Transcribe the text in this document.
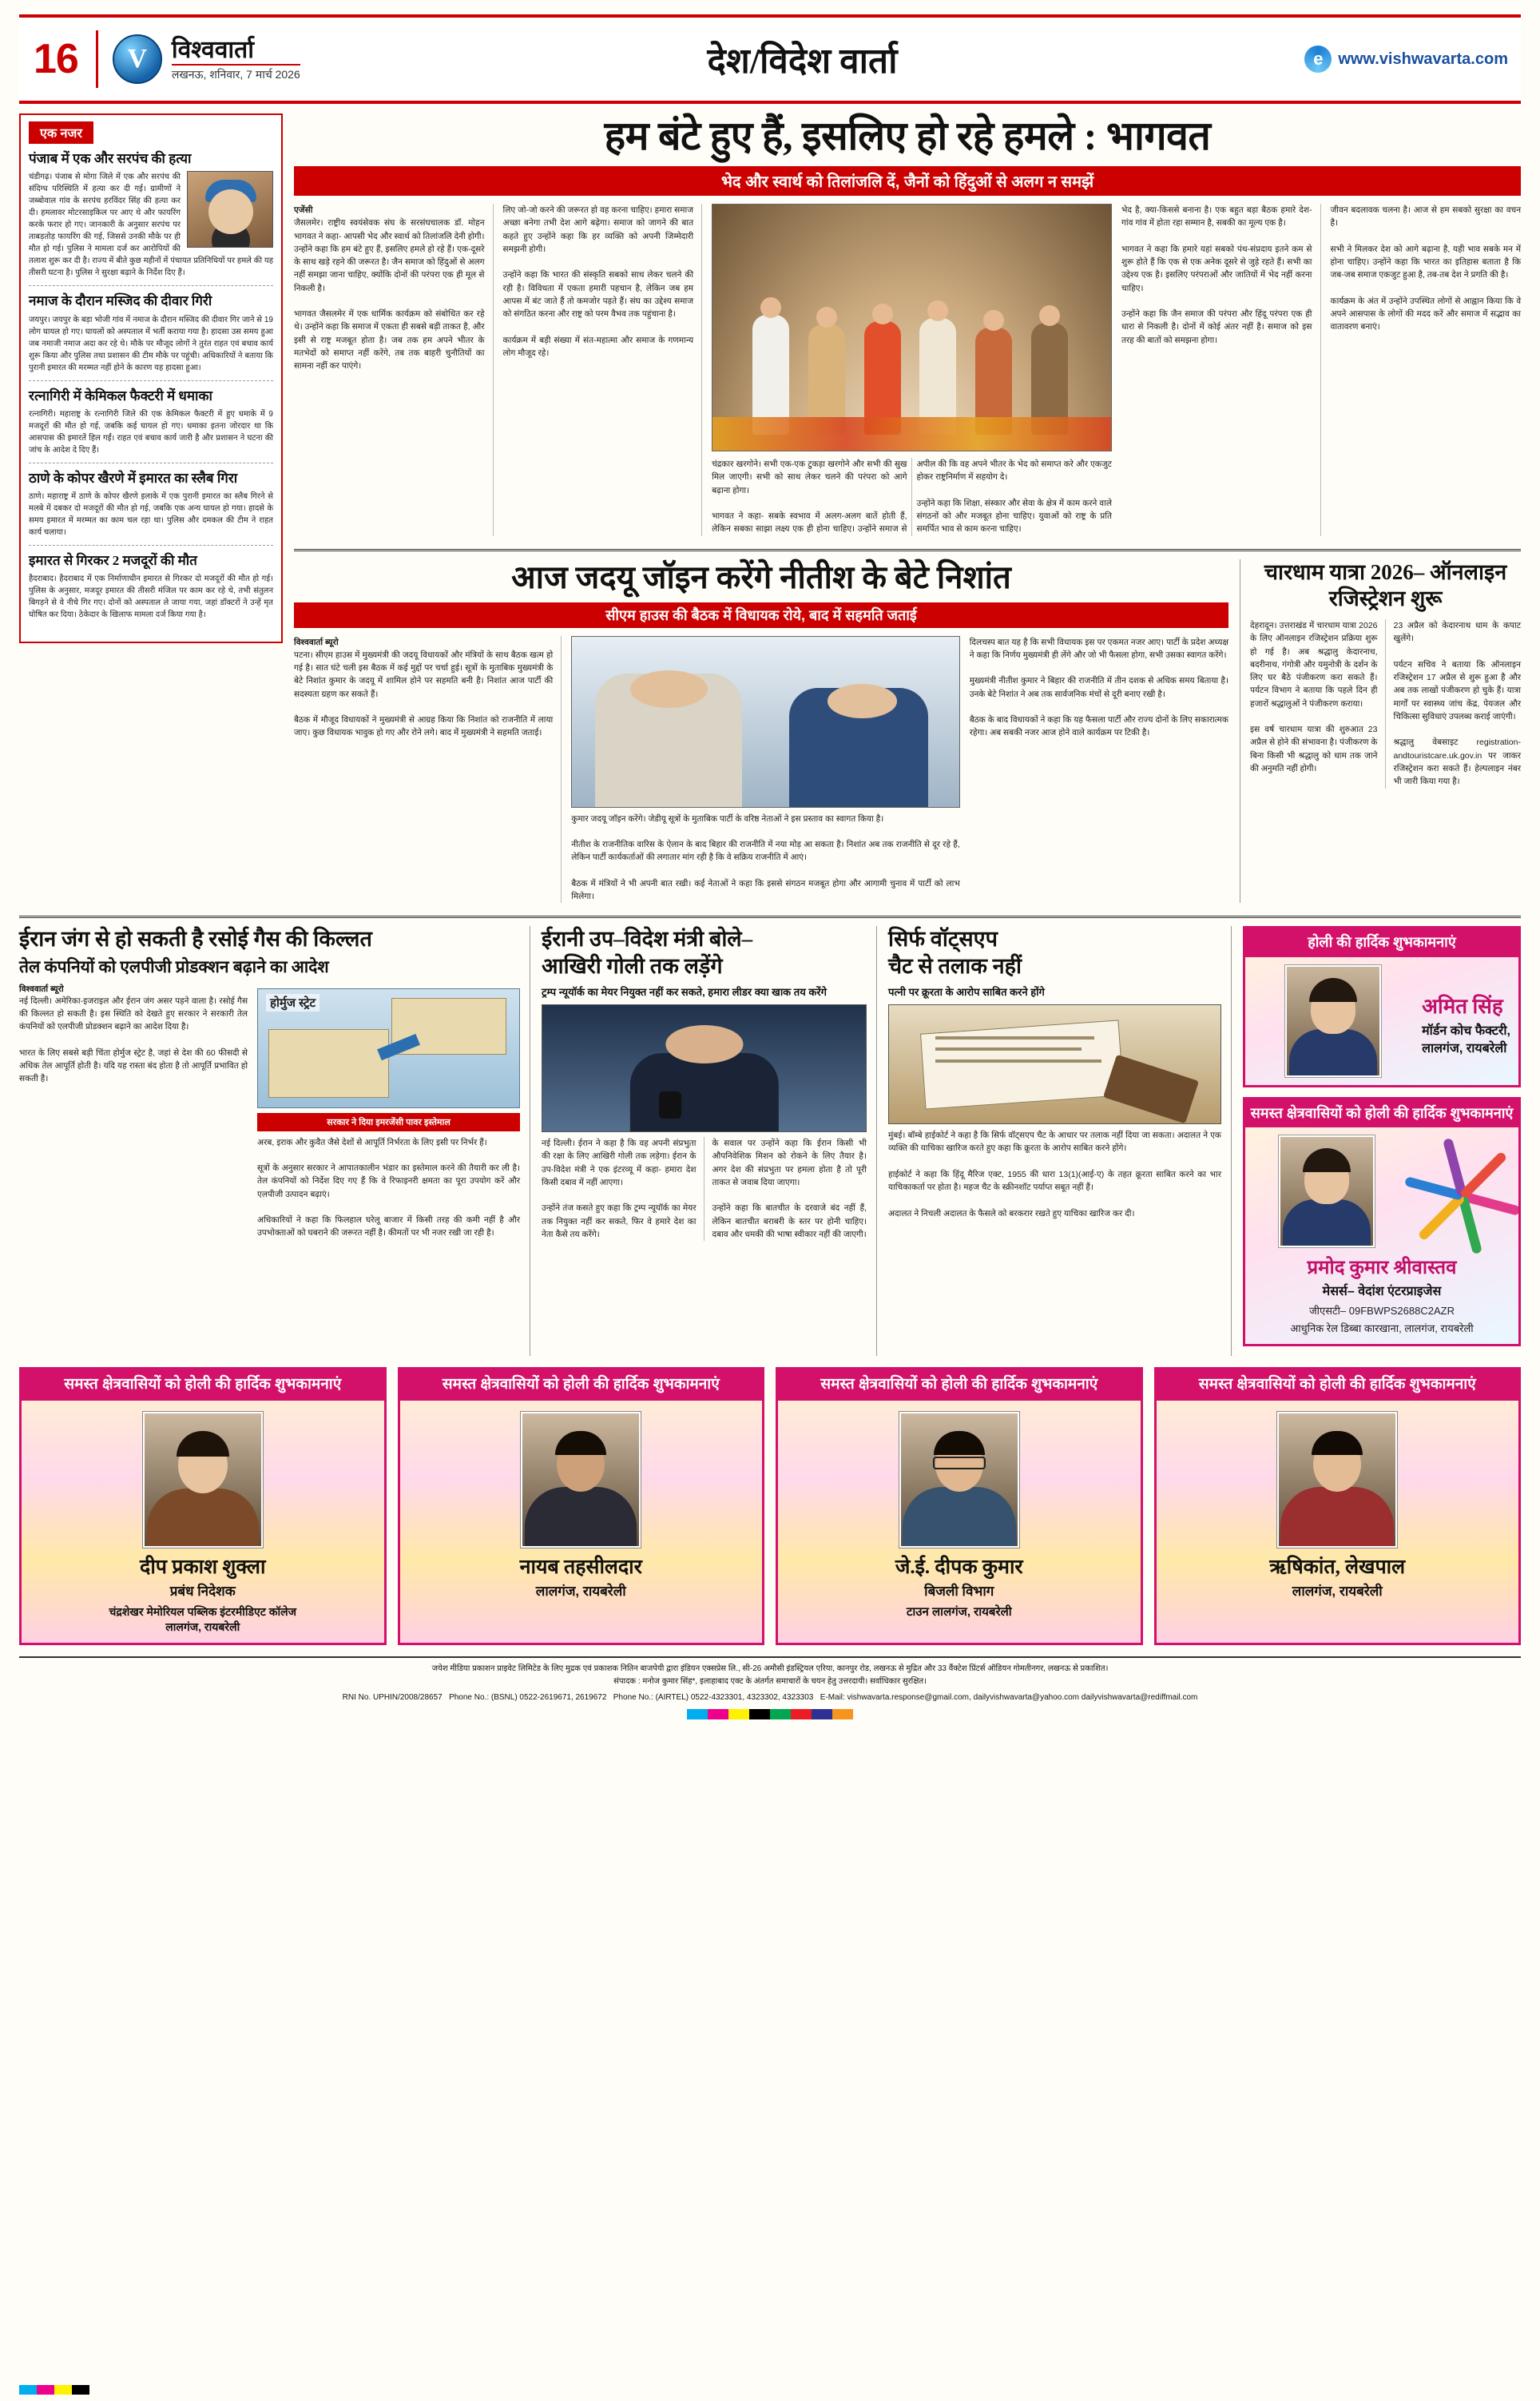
16 V	विश्ववार्ता
लखनऊ, शनिवार, 7 मार्च 2026	देश/विदेश वार्ता e	www.vishwavarta.com
एक नजर
पंजाब में एक और सरपंच की हत्या
चंडीगढ़। पंजाब से मोगा जिले में एक और सरपंच की संदिग्ध परिस्थिति में हत्या कर दी गई। ग्रामीणों ने जब्बोवाल गांव के सरपंच हरविंदर सिंह की हत्या कर दी। हमलावर मोटरसाइकिल पर आए थे और फायरिंग करके फरार हो गए। जानकारी के अनुसार सरपंच पर ताबड़तोड़ फायरिंग की गई, जिससे उनकी मौके पर ही मौत हो गई। पुलिस ने मामला दर्ज कर आरोपियों की तलाश शुरू कर दी है। राज्य में बीते कुछ महीनों में पंचायत प्रतिनिधियों पर हमले की यह तीसरी घटना है। पुलिस ने सुरक्षा बढ़ाने के निर्देश दिए हैं।
नमाज के दौरान मस्जिद की दीवार गिरी
जयपुर। जयपुर के बड़ा भोजी गांव में नमाज के दौरान मस्जिद की दीवार गिर जाने से 19 लोग घायल हो गए। घायलों को अस्पताल में भर्ती कराया गया है। हादसा उस समय हुआ जब नमाजी नमाज अदा कर रहे थे। मौके पर मौजूद लोगों ने तुरंत राहत एवं बचाव कार्य शुरू किया और पुलिस तथा प्रशासन की टीम मौके पर पहुंची। अधिकारियों ने बताया कि पुरानी इमारत की मरम्मत नहीं होने के कारण यह हादसा हुआ।
रत्नागिरी में केमिकल फैक्टरी में धमाका
रत्नागिरी। महाराष्ट्र के रत्नागिरी जिले की एक केमिकल फैक्टरी में हुए धमाके में 9 मजदूरों की मौत हो गई, जबकि कई घायल हो गए। धमाका इतना जोरदार था कि आसपास की इमारतें हिल गईं। राहत एवं बचाव कार्य जारी है और प्रशासन ने घटना की जांच के आदेश दे दिए हैं।
ठाणे के कोपर खैरणे में इमारत का स्लैब गिरा
ठाणे। महाराष्ट्र में ठाणे के कोपर खैरणे इलाके में एक पुरानी इमारत का स्लैब गिरने से मलबे में दबकर दो मजदूरों की मौत हो गई, जबकि एक अन्य घायल हो गया। हादसे के समय इमारत में मरम्मत का काम चल रहा था। पुलिस और दमकल की टीम ने राहत कार्य चलाया।
इमारत से गिरकर 2 मजदूरों की मौत
हैदराबाद। हैदराबाद में एक निर्माणाधीन इमारत से गिरकर दो मजदूरों की मौत हो गई। पुलिस के अनुसार, मजदूर इमारत की तीसरी मंजिल पर काम कर रहे थे, तभी संतुलन बिगड़ने से वे नीचे गिर गए। दोनों को अस्पताल ले जाया गया, जहां डॉक्टरों ने उन्हें मृत घोषित कर दिया। ठेकेदार के खिलाफ मामला दर्ज किया गया है।
हम बंटे हुए हैं, इसलिए हो रहे हमले : भागवत
भेद और स्वार्थ को तिलांजलि दें, जैनों को हिंदुओं से अलग न समझें
एजेंसी
जैसलमेर। राष्ट्रीय स्वयंसेवक संघ के सरसंघचालक डॉ. मोहन भागवत ने कहा- आपसी भेद और स्वार्थ को तिलांजलि देनी होगी। उन्होंने कहा कि हम बंटे हुए हैं, इसलिए हमले हो रहे हैं। एक-दूसरे के साथ खड़े रहने की जरूरत है। जैन समाज को हिंदुओं से अलग नहीं समझा जाना चाहिए, क्योंकि दोनों की परंपरा एक ही मूल से निकली है।

भागवत जैसलमेर में एक धार्मिक कार्यक्रम को संबोधित कर रहे थे। उन्होंने कहा कि समाज में एकता ही सबसे बड़ी ताकत है, और इसी से राष्ट्र मजबूत होता है। जब तक हम अपने भीतर के मतभेदों को समाप्त नहीं करेंगे, तब तक बाहरी चुनौतियों का सामना नहीं कर पाएंगे।
लिए जो-जो करने की जरूरत हो वह करना चाहिए। हमारा समाज अच्छा बनेगा तभी देश आगे बढ़ेगा। समाज को जागने की बात कहते हुए उन्होंने कहा कि हर व्यक्ति को अपनी जिम्मेदारी समझनी होगी।

उन्होंने कहा कि भारत की संस्कृति सबको साथ लेकर चलने की रही है। विविधता में एकता हमारी पहचान है, लेकिन जब हम आपस में बंट जाते हैं तो कमजोर पड़ते हैं। संघ का उद्देश्य समाज को संगठित करना और राष्ट्र को परम वैभव तक पहुंचाना है।

कार्यक्रम में बड़ी संख्या में संत-महात्मा और समाज के गणमान्य लोग मौजूद रहे।
चंद्रकार खरगोने। सभी एक-एक टुकड़ा खरगोने और सभी की सुख मिल जाएगी। सभी को साथ लेकर चलने की परंपरा को आगे बढ़ाना होगा।

भागवत ने कहा- सबके स्वभाव में अलग-अलग बातें होती हैं, लेकिन सबका साझा लक्ष्य एक ही होना चाहिए। उन्होंने समाज से अपील की कि वह अपने भीतर के भेद को समाप्त करे और एकजुट होकर राष्ट्रनिर्माण में सहयोग दे।

उन्होंने कहा कि शिक्षा, संस्कार और सेवा के क्षेत्र में काम करने वाले संगठनों को और मजबूत होना चाहिए। युवाओं को राष्ट्र के प्रति समर्पित भाव से काम करना चाहिए।
भेद है, क्या-किससे बनाना है। एक बहुत बड़ा बैठक हमारे देश-गांव गांव में होता रहा सम्मान है, सबकी का मूल्य एक है।

भागवत ने कहा कि हमारे यहां सबको पंथ-संप्रदाय इतने कम से शुरू होते हैं कि एक से एक अनेक दूसरे से जुड़े रहते हैं। सभी का उद्देश्य एक है। इसलिए परंपराओं और जातियों में भेद नहीं करना चाहिए।

उन्होंने कहा कि जैन समाज की परंपरा और हिंदू परंपरा एक ही धारा से निकली है। दोनों में कोई अंतर नहीं है। समाज को इस तरह की बातों को समझना होगा।
जीवन बदलावक चलना है। आज से हम सबको सुरक्षा का वचन है।

सभी ने मिलकर देश को आगे बढ़ाना है, यही भाव सबके मन में होना चाहिए। उन्होंने कहा कि भारत का इतिहास बताता है कि जब-जब समाज एकजुट हुआ है, तब-तब देश ने प्रगति की है।

कार्यक्रम के अंत में उन्होंने उपस्थित लोगों से आह्वान किया कि वे अपने आसपास के लोगों की मदद करें और समाज में सद्भाव का वातावरण बनाएं।
आज जदयू जॉइन करेंगे नीतीश के बेटे निशांत
सीएम हाउस की बैठक में विधायक रोये, बाद में सहमति जताई
विश्ववार्ता ब्यूरो
पटना। सीएम हाउस में मुख्यमंत्री की जदयू विधायकों और मंत्रियों के साथ बैठक खत्म हो गई है। सात घंटे चली इस बैठक में कई मुद्दों पर चर्चा हुई। सूत्रों के मुताबिक मुख्यमंत्री के बेटे निशांत कुमार के जदयू में शामिल होने पर सहमति बनी है। निशांत आज पार्टी की सदस्यता ग्रहण कर सकते हैं।

बैठक में मौजूद विधायकों ने मुख्यमंत्री से आग्रह किया कि निशांत को राजनीति में लाया जाए। कुछ विधायक भावुक हो गए और रोने लगे। बाद में मुख्यमंत्री ने सहमति जताई।
कुमार जदयू जॉइन करेंगे। जेडीयू सूत्रों के मुताबिक पार्टी के वरिष्ठ नेताओं ने इस प्रस्ताव का स्वागत किया है।

नीतीश के राजनीतिक वारिस के ऐलान के बाद बिहार की राजनीति में नया मोड़ आ सकता है। निशांत अब तक राजनीति से दूर रहे हैं, लेकिन पार्टी कार्यकर्ताओं की लगातार मांग रही है कि वे सक्रिय राजनीति में आएं।

बैठक में मंत्रियों ने भी अपनी बात रखी। कई नेताओं ने कहा कि इससे संगठन मजबूत होगा और आगामी चुनाव में पार्टी को लाभ मिलेगा।
दिलचस्प बात यह है कि सभी विधायक इस पर एकमत नजर आए। पार्टी के प्रदेश अध्यक्ष ने कहा कि निर्णय मुख्यमंत्री ही लेंगे और जो भी फैसला होगा, सभी उसका स्वागत करेंगे।

मुख्यमंत्री नीतीश कुमार ने बिहार की राजनीति में तीन दशक से अधिक समय बिताया है। उनके बेटे निशांत ने अब तक सार्वजनिक मंचों से दूरी बनाए रखी है।

बैठक के बाद विधायकों ने कहा कि यह फैसला पार्टी और राज्य दोनों के लिए सकारात्मक रहेगा। अब सबकी नजर आज होने वाले कार्यक्रम पर टिकी है।
चारधाम यात्रा 2026– ऑनलाइन रजिस्ट्रेशन शुरू
देहरादून। उत्तराखंड में चारधाम यात्रा 2026 के लिए ऑनलाइन रजिस्ट्रेशन प्रक्रिया शुरू हो गई है। अब श्रद्धालु केदारनाथ, बदरीनाथ, गंगोत्री और यमुनोत्री के दर्शन के लिए घर बैठे पंजीकरण करा सकते हैं। पर्यटन विभाग ने बताया कि पहले दिन ही हजारों श्रद्धालुओं ने पंजीकरण कराया।

इस वर्ष चारधाम यात्रा की शुरुआत 23 अप्रैल से होने की संभावना है। पंजीकरण के बिना किसी भी श्रद्धालु को धाम तक जाने की अनुमति नहीं होगी।
23 अप्रैल को केदारनाथ धाम के कपाट खुलेंगे।

पर्यटन सचिव ने बताया कि ऑनलाइन रजिस्ट्रेशन 17 अप्रैल से शुरू हुआ है और अब तक लाखों पंजीकरण हो चुके हैं। यात्रा मार्गों पर स्वास्थ्य जांच केंद्र, पेयजल और चिकित्सा सुविधाएं उपलब्ध कराई जाएंगी।

श्रद्धालु वेबसाइट registration-andtouristcare.uk.gov.in पर जाकर रजिस्ट्रेशन करा सकते हैं। हेल्पलाइन नंबर भी जारी किया गया है।
ईरान जंग से हो सकती है रसोई गैस की किल्लत
तेल कंपनियों को एलपीजी प्रोडक्शन बढ़ाने का आदेश
विश्ववार्ता ब्यूरो
नई दिल्ली। अमेरिका-इजराइल और ईरान जंग असर पड़ने वाला है। रसोई गैस की किल्लत हो सकती है। इस स्थिति को देखते हुए सरकार ने सरकारी तेल कंपनियों को एलपीजी प्रोडक्शन बढ़ाने का आदेश दिया है।

भारत के लिए सबसे बड़ी चिंता होर्मुज स्ट्रेट है, जहां से देश की 60 फीसदी से अधिक तेल आपूर्ति होती है। यदि यह रास्ता बंद होता है तो आपूर्ति प्रभावित हो सकती है।
होर्मुज स्ट्रेट
सरकार ने दिया इमरजेंसी पावर इस्तेमाल
अरब, इराक और कुवैत जैसे देशों से आपूर्ति निर्भरता के लिए इसी पर निर्भर हैं।

सूत्रों के अनुसार सरकार ने आपातकालीन भंडार का इस्तेमाल करने की तैयारी कर ली है। तेल कंपनियों को निर्देश दिए गए हैं कि वे रिफाइनरी क्षमता का पूरा उपयोग करें और एलपीजी उत्पादन बढ़ाएं।

अधिकारियों ने कहा कि फिलहाल घरेलू बाजार में किसी तरह की कमी नहीं है और उपभोक्ताओं को घबराने की जरूरत नहीं है। कीमतों पर भी नजर रखी जा रही है।
ईरानी उप–विदेश मंत्री बोले–
आखिरी गोली तक लड़ेंगे
ट्रम्प न्यूयॉर्क का मेयर नियुक्त नहीं कर सकते, हमारा लीडर क्या खाक तय करेंगे
नई दिल्ली। ईरान ने कहा है कि वह अपनी संप्रभुता की रक्षा के लिए आखिरी गोली तक लड़ेगा। ईरान के उप-विदेश मंत्री ने एक इंटरव्यू में कहा- हमारा देश किसी दबाव में नहीं आएगा।

उन्होंने तंज कसते हुए कहा कि ट्रम्प न्यूयॉर्क का मेयर तक नियुक्त नहीं कर सकते, फिर वे हमारे देश का नेता कैसे तय करेंगे।
के सवाल पर उन्होंने कहा कि ईरान किसी भी औपनिवेशिक मिशन को रोकने के लिए तैयार है। अगर देश की संप्रभुता पर हमला होता है तो पूरी ताकत से जवाब दिया जाएगा।

उन्होंने कहा कि बातचीत के दरवाजे बंद नहीं हैं, लेकिन बातचीत बराबरी के स्तर पर होनी चाहिए। दबाव और धमकी की भाषा स्वीकार नहीं की जाएगी।
सिर्फ वॉट्सएप
चैट से तलाक नहीं
पत्नी पर क्रूरता के आरोप साबित करने होंगे
मुंबई। बॉम्बे हाईकोर्ट ने कहा है कि सिर्फ वॉट्सएप चैट के आधार पर तलाक नहीं दिया जा सकता। अदालत ने एक व्यक्ति की याचिका खारिज करते हुए कहा कि क्रूरता के आरोप साबित करने होंगे।

हाईकोर्ट ने कहा कि हिंदू मैरिज एक्ट, 1955 की धारा 13(1)(आई-ए) के तहत क्रूरता साबित करने का भार याचिकाकर्ता पर होता है। महज चैट के स्क्रीनशॉट पर्याप्त सबूत नहीं हैं।

अदालत ने निचली अदालत के फैसले को बरकरार रखते हुए याचिका खारिज कर दी।
होली की हार्दिक शुभकामनाएं
अमित सिंह
मॉर्डन कोच फैक्टरी,
लालगंज, रायबरेली
समस्त क्षेत्रवासियों को होली की हार्दिक शुभकामनाएं
प्रमोद कुमार श्रीवास्तव
मेसर्स– वेदांश एंटरप्राइजेस
जीएसटी– 09FBWPS2688C2AZR
आधुनिक रेल डिब्बा कारखाना, लालगंज, रायबरेली
समस्त क्षेत्रवासियों को होली की हार्दिक शुभकामनाएं
दीप प्रकाश शुक्ला
प्रबंध निदेशक
चंद्रशेखर मेमोरियल पब्लिक इंटरमीडिएट कॉलेज
लालगंज, रायबरेली
समस्त क्षेत्रवासियों को होली की हार्दिक शुभकामनाएं
नायब तहसीलदार
लालगंज, रायबरेली
समस्त क्षेत्रवासियों को होली की हार्दिक शुभकामनाएं
जे.ई. दीपक कुमार
बिजली विभाग
टाउन लालगंज, रायबरेली
समस्त क्षेत्रवासियों को होली की हार्दिक शुभकामनाएं
ऋषिकांत, लेखपाल
लालगंज, रायबरेली
जयेश मीडिया प्रकाशन प्राइवेट लिमिटेड के लिए मुद्रक एवं प्रकाशक नितिन बाजपेयी द्वारा इंडियन एक्सप्रेस लि., सी-26 अमौसी इंडस्ट्रियल एरिया, कानपुर रोड, लखनऊ से मुद्रित और 33 वैंक्टेश प्रिंटर्स ऑडियन गोमतीनगर, लखनऊ से प्रकाशित।
संपादक : मनोज कुमार सिंह*, इलाहाबाद एक्ट के अंतर्गत समाचारों के चयन हेतु उत्तरदायी। सर्वाधिकार सुरक्षित।
RNI No. UPHIN/2008/28657 Phone No.: (BSNL) 0522-2619671, 2619672 Phone No.: (AIRTEL) 0522-4323301, 4323302, 4323303 E-Mail: vishwavarta.response@gmail.com, dailyvishwavarta@yahoo.com dailyvishwavarta@rediffmail.com
